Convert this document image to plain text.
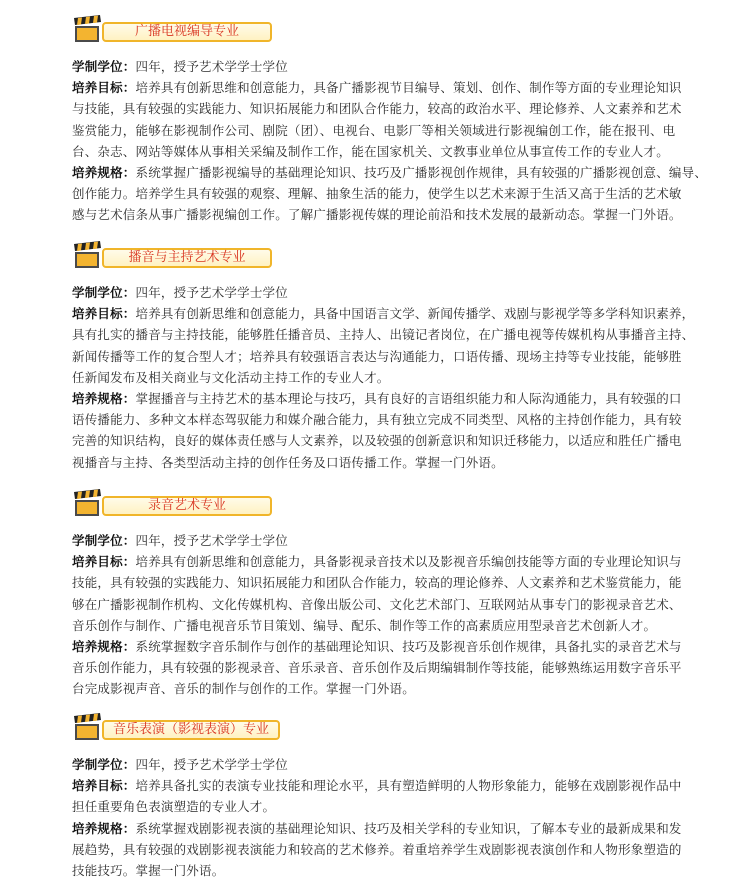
广播电视编导专业

学制学位：四年，授予艺术学学士学位

培养目标：培养具有创新思维和创意能力，具备广播影视节目编导、策划、创作、制作等方面的专业理论知识

与技能，具有较强的实践能力、知识拓展能力和团队合作能力，较高的政治水平、理论修养、人文素养和艺术

鉴赏能力，能够在影视制作公司、剧院（团）、电视台、电影厂等相关领域进行影视编创工作，能在报刊、电

台、杂志、网站等媒体从事相关采编及制作工作，能在国家机关、文教事业单位从事宣传工作的专业人才。

培养规格：系统掌握广播影视编导的基础理论知识、技巧及广播影视创作规律，具有较强的广播影视创意、编导、

创作能力。培养学生具有较强的观察、理解、抽象生活的能力，使学生以艺术来源于生活又高于生活的艺术敏

感与艺术信条从事广播影视编创工作。了解广播影视传媒的理论前沿和技术发展的最新动态。掌握一门外语。

播音与主持艺术专业

学制学位：四年，授予艺术学学士学位

培养目标：培养具有创新思维和创意能力，具备中国语言文学、新闻传播学、戏剧与影视学等多学科知识素养，

具有扎实的播音与主持技能，能够胜任播音员、主持人、出镜记者岗位，在广播电视等传媒机构从事播音主持、

新闻传播等工作的复合型人才；培养具有较强语言表达与沟通能力，口语传播、现场主持等专业技能，能够胜

任新闻发布及相关商业与文化活动主持工作的专业人才。

培养规格：掌握播音与主持艺术的基本理论与技巧，具有良好的言语组织能力和人际沟通能力，具有较强的口

语传播能力、多种文本样态驾驭能力和媒介融合能力，具有独立完成不同类型、风格的主持创作能力，具有较

完善的知识结构，良好的媒体责任感与人文素养，以及较强的创新意识和知识迁移能力，以适应和胜任广播电

视播音与主持、各类型活动主持的创作任务及口语传播工作。掌握一门外语。

录音艺术专业

学制学位：四年，授予艺术学学士学位

培养目标：培养具有创新思维和创意能力，具备影视录音技术以及影视音乐编创技能等方面的专业理论知识与

技能，具有较强的实践能力、知识拓展能力和团队合作能力，较高的理论修养、人文素养和艺术鉴赏能力，能

够在广播影视制作机构、文化传媒机构、音像出版公司、文化艺术部门、互联网站从事专门的影视录音艺术、

音乐创作与制作、广播电视音乐节目策划、编导、配乐、制作等工作的高素质应用型录音艺术创新人才。

培养规格：系统掌握数字音乐制作与创作的基础理论知识、技巧及影视音乐创作规律，具备扎实的录音艺术与

音乐创作能力，具有较强的影视录音、音乐录音、音乐创作及后期编辑制作等技能，能够熟练运用数字音乐平

台完成影视声音、音乐的制作与创作的工作。掌握一门外语。

音乐表演（影视表演）专业

学制学位：四年，授予艺术学学士学位

培养目标：培养具备扎实的表演专业技能和理论水平，具有塑造鲜明的人物形象能力，能够在戏剧影视作品中

担任重要角色表演塑造的专业人才。

培养规格：系统掌握戏剧影视表演的基础理论知识、技巧及相关学科的专业知识，了解本专业的最新成果和发

展趋势，具有较强的戏剧影视表演能力和较高的艺术修养。着重培养学生戏剧影视表演创作和人物形象塑造的

技能技巧。掌握一门外语。
